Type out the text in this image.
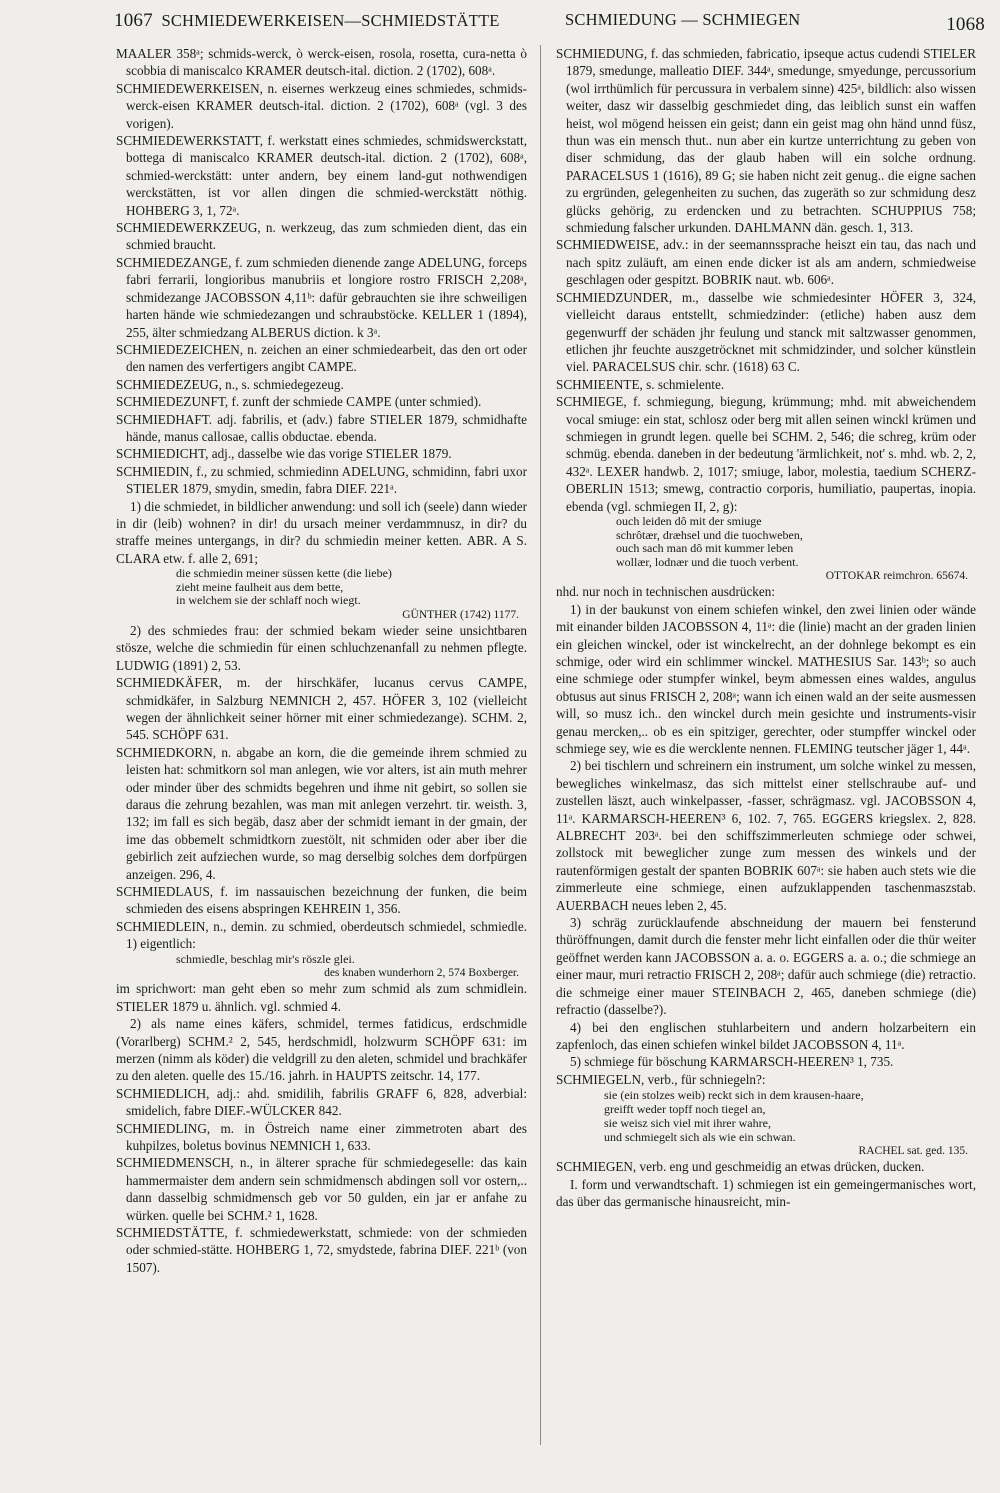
1067 SCHMIEDEWERKEISEN—SCHMIEDSTÄTTE	SCHMIEDUNG — SCHMIEGEN	1068

MAALER 358ᵃ; schmids-werck, ò werck-eisen, rosola, rosetta, cura-netta ò scobbia di maniscalco KRAMER deutsch-ital. diction. 2 (1702), 608ᵃ.

SCHMIEDEWERKEISEN, n. eisernes werkzeug eines schmiedes, schmids-werck-eisen KRAMER deutsch-ital. diction. 2 (1702), 608ᵃ (vgl. 3 des vorigen).

SCHMIEDEWERKSTATT, f. werkstatt eines schmiedes, schmidswerckstatt, bottega di maniscalco KRAMER deutsch-ital. diction. 2 (1702), 608ᵃ, schmied-werckstätt: unter andern, bey einem land-gut nothwendigen werckstätten, ist vor allen dingen die schmied-werckstätt nöthig. HOHBERG 3, 1, 72ᵃ.

SCHMIEDEWERKZEUG, n. werkzeug, das zum schmieden dient, das ein schmied braucht.

SCHMIEDEZANGE, f. zum schmieden dienende zange ADELUNG, forceps fabri ferrarii, longioribus manubriis et longiore rostro FRISCH 2,208ᵃ, schmidezange JACOBSSON 4,11ᵇ: dafür gebrauchten sie ihre schweiligen harten hände wie schmiedezangen und schraubstöcke. KELLER 1 (1894), 255, älter schmiedzang ALBERUS diction. k 3ᵃ.

SCHMIEDEZEICHEN, n. zeichen an einer schmiedearbeit, das den ort oder den namen des verfertigers angibt CAMPE.

SCHMIEDEZEUG, n., s. schmiedegezeug.

SCHMIEDEZUNFT, f. zunft der schmiede CAMPE (unter schmied).

SCHMIEDHAFT. adj. fabrilis, et (adv.) fabre STIELER 1879, schmidhafte hände, manus callosae, callis obductae. ebenda.

SCHMIEDICHT, adj., dasselbe wie das vorige STIELER 1879.

SCHMIEDIN, f., zu schmied, schmiedinn ADELUNG, schmidinn, fabri uxor STIELER 1879, smydin, smedin, fabra DIEF. 221ᵃ.

1) die schmiedet, in bildlicher anwendung: und soll ich (seele) dann wieder in dir (leib) wohnen? in dir! du ursach meiner verdammnusz, in dir? du straffe meines untergangs, in dir? du schmiedin meiner ketten. ABR. A S. CLARA etw. f. alle 2, 691;

die schmiedin meiner süssen kette (die liebe)
zieht meine faulheit aus dem bette,
in welchem sie der schlaff noch wiegt.

GÜNTHER (1742) 1177.

2) des schmiedes frau: der schmied bekam wieder seine unsichtbaren stösze, welche die schmiedin für einen schluchzenanfall zu nehmen pflegte. LUDWIG (1891) 2, 53.

SCHMIEDKÄFER, m. der hirschkäfer, lucanus cervus CAMPE, schmidkäfer, in Salzburg NEMNICH 2, 457. HÖFER 3, 102 (vielleicht wegen der ähnlichkeit seiner hörner mit einer schmiedezange). SCHM. 2, 545. SCHÖPF 631.

SCHMIEDKORN, n. abgabe an korn, die die gemeinde ihrem schmied zu leisten hat: schmitkorn sol man anlegen, wie vor alters, ist ain muth mehrer oder minder über des schmidts begehren und ihme nit gebirt, so sollen sie daraus die zehrung bezahlen, was man mit anlegen verzehrt. tir. weisth. 3, 132; im fall es sich begäb, dasz aber der schmidt iemant in der gmain, der ime das obbemelt schmidtkorn zuestölt, nit schmiden oder aber iber die gebirlich zeit aufziechen wurde, so mag derselbig solches dem dorfpürgen anzeigen. 296, 4.

SCHMIEDLAUS, f. im nassauischen bezeichnung der funken, die beim schmieden des eisens abspringen KEHREIN 1, 356.

SCHMIEDLEIN, n., demin. zu schmied, oberdeutsch schmiedel, schmiedle. 1) eigentlich:

schmiedle, beschlag mir's röszle glei.

des knaben wunderhorn 2, 574 Boxberger.

im sprichwort: man geht eben so mehr zum schmid als zum schmidlein. STIELER 1879 u. ähnlich. vgl. schmied 4.

2) als name eines käfers, schmidel, termes fatidicus, erdschmidle (Vorarlberg) SCHM.² 2, 545, herdschmidl, holzwurm SCHÖPF 631: im merzen (nimm als köder) die veldgrill zu den aleten, schmidel und brachkäfer zu den aleten. quelle des 15./16. jahrh. in HAUPTS zeitschr. 14, 177.

SCHMIEDLICH, adj.: ahd. smidilih, fabrilis GRAFF 6, 828, adverbial: smidelich, fabre DIEF.-WÜLCKER 842.

SCHMIEDLING, m. in Östreich name einer zimmetroten abart des kuhpilzes, boletus bovinus NEMNICH 1, 633.

SCHMIEDMENSCH, n., in älterer sprache für schmiedegeselle: das kain hammermaister dem andern sein schmidmensch abdingen soll vor ostern,.. dann dasselbig schmidmensch geb vor 50 gulden, ein jar er anfahe zu würken. quelle bei SCHM.² 1, 1628.

SCHMIEDSTÄTTE, f. schmiedewerkstatt, schmiede: von der schmieden oder schmied-stätte. HOHBERG 1, 72, smydstede, fabrina DIEF. 221ᵇ (von 1507).

SCHMIEDUNG, f. das schmieden, fabricatio, ipseque actus cudendi STIELER 1879, smedunge, malleatio DIEF. 344ᵃ, smedunge, smyedunge, percussorium (wol irrthümlich für percussura in verbalem sinne) 425ᵃ, bildlich: also wissen weiter, dasz wir dasselbig geschmiedet ding, das leiblich sunst ein waffen heist, wol mögend heissen ein geist; dann ein geist mag ohn händ unnd füsz, thun was ein mensch thut.. nun aber ein kurtze unterrichtung zu geben von diser schmidung, das der glaub haben will ein solche ordnung. PARACELSUS 1 (1616), 89 G; sie haben nicht zeit genug.. die eigne sachen zu ergründen, gelegenheiten zu suchen, das zugeräth so zur schmidung desz glücks gehörig, zu erdencken und zu betrachten. SCHUPPIUS 758; schmiedung falscher urkunden. DAHLMANN dän. gesch. 1, 313.

SCHMIEDWEISE, adv.: in der seemannssprache heiszt ein tau, das nach und nach spitz zuläuft, am einen ende dicker ist als am andern, schmiedweise geschlagen oder gespitzt. BOBRIK naut. wb. 606ᵃ.

SCHMIEDZUNDER, m., dasselbe wie schmiedesinter HÖFER 3, 324, vielleicht daraus entstellt, schmiedzinder: (etliche) haben ausz dem gegenwurff der schäden jhr feulung und stanck mit saltzwasser genommen, etlichen jhr feuchte auszgetröcknet mit schmidzinder, und solcher künstlein viel. PARACELSUS chir. schr. (1618) 63 C.

SCHMIEENTE, s. schmielente.

SCHMIEGE, f. schmiegung, biegung, krümmung; mhd. mit abweichendem vocal smiuge: ein stat, schlosz oder berg mit allen seinen winckl krümen und schmiegen in grundt legen. quelle bei SCHM. 2, 546; die schreg, krüm oder schmüg. ebenda. daneben in der bedeutung 'ärmlichkeit, not' s. mhd. wb. 2, 2, 432ᵃ. LEXER handwb. 2, 1017; smiuge, labor, molestia, taedium SCHERZ-OBERLIN 1513; smewg, contractio corporis, humiliatio, paupertas, inopia. ebenda (vgl. schmiegen II, 2, g):

ouch leiden dô mit der smiuge
schrôtær, dræhsel und die tuochweben,
ouch sach man dô mit kummer leben
wollær, lodnær und die tuoch verbent.

OTTOKAR reimchron. 65674.

nhd. nur noch in technischen ausdrücken:

1) in der baukunst von einem schiefen winkel, den zwei linien oder wände mit einander bilden JACOBSSON 4, 11ᵃ: die (linie) macht an der graden linien ein gleichen winckel, oder ist winckelrecht, an der dohnlege bekompt es ein schmige, oder wird ein schlimmer winckel. MATHESIUS Sar. 143ᵇ; so auch eine schmiege oder stumpfer winkel, beym abmessen eines waldes, angulus obtusus aut sinus FRISCH 2, 208ᵃ; wann ich einen wald an der seite ausmessen will, so musz ich.. den winckel durch mein gesichte und instruments-visir genau mercken,.. ob es ein spitziger, gerechter, oder stumpffer winckel oder schmiege sey, wie es die wercklente nennen. FLEMING teutscher jäger 1, 44ᵃ.

2) bei tischlern und schreinern ein instrument, um solche winkel zu messen, bewegliches winkelmasz, das sich mittelst einer stellschraube auf- und zustellen läszt, auch winkelpasser, -fasser, schrägmasz. vgl. JACOBSSON 4, 11ᵃ. KARMARSCH-HEEREN³ 6, 102. 7, 765. EGGERS kriegslex. 2, 828. ALBRECHT 203ᵃ. bei den schiffszimmerleuten schmiege oder schwei, zollstock mit beweglicher zunge zum messen des winkels und der rautenförmigen gestalt der spanten BOBRIK 607ᵃ: sie haben auch stets wie die zimmerleute eine schmiege, einen aufzuklappenden taschenmaszstab. AUERBACH neues leben 2, 45.

3) schräg zurücklaufende abschneidung der mauern bei fensterund thüröffnungen, damit durch die fenster mehr licht einfallen oder die thür weiter geöffnet werden kann JACOBSSON a. a. o. EGGERS a. a. o.; die schmiege an einer maur, muri retractio FRISCH 2, 208ᵃ; dafür auch schmiege (die) retractio. die schmeige einer mauer STEINBACH 2, 465, daneben schmiege (die) refractio (dasselbe?).

4) bei den englischen stuhlarbeitern und andern holzarbeitern ein zapfenloch, das einen schiefen winkel bildet JACOBSSON 4, 11ᵃ.

5) schmiege für böschung KARMARSCH-HEEREN³ 1, 735.

SCHMIEGELN, verb., für schniegeln?:

sie (ein stolzes weib) reckt sich in dem krausen-haare,
greifft weder topff noch tiegel an,
sie weisz sich viel mit ihrer wahre,
und schmiegelt sich als wie ein schwan.

RACHEL sat. ged. 135.

SCHMIEGEN, verb. eng und geschmeidig an etwas drücken, ducken.

I. form und verwandtschaft. 1) schmiegen ist ein gemeingermanisches wort, das über das germanische hinausreicht, min-
